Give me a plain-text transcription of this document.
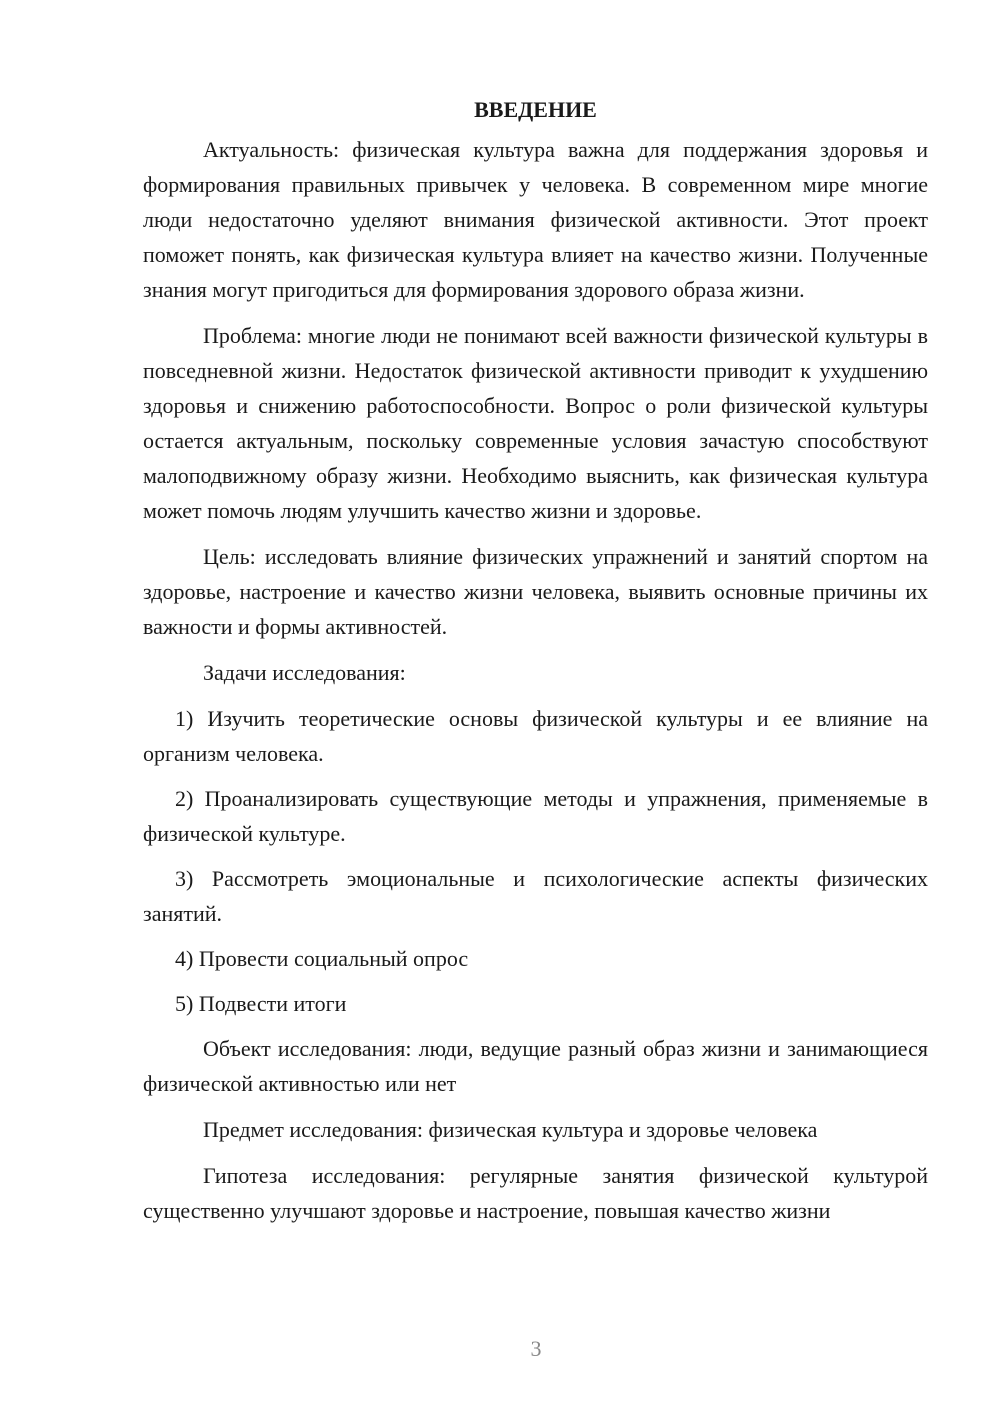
ВВЕДЕНИЕ

Актуальность: физическая культура важна для поддержания здоровья и формирования правильных привычек у человека. В современном мире многие люди недостаточно уделяют внимания физической активности. Этот проект поможет понять, как физическая культура влияет на качество жизни. Полученные знания могут пригодиться для формирования здорового образа жизни.

Проблема: многие люди не понимают всей важности физической культуры в повседневной жизни. Недостаток физической активности приводит к ухудшению здоровья и снижению работоспособности. Вопрос о роли физической культуры остается актуальным, поскольку современные условия зачастую способствуют малоподвижному образу жизни. Необходимо выяснить, как физическая культура может помочь людям улучшить качество жизни и здоровье.

Цель: исследовать влияние физических упражнений и занятий спортом на здоровье, настроение и качество жизни человека, выявить основные причины их важности и формы активностей.

Задачи исследования:

1) Изучить теоретические основы физической культуры и ее влияние на организм человека.

2) Проанализировать существующие методы и упражнения, применяемые в физической культуре.

3) Рассмотреть эмоциональные и психологические аспекты физических занятий.

4) Провести социальный опрос

5) Подвести итоги

Объект исследования: люди, ведущие разный образ жизни и занимающиеся физической активностью или нет

Предмет исследования: физическая культура и здоровье человека

Гипотеза исследования: регулярные занятия физической культурой существенно улучшают здоровье и настроение, повышая качество жизни

3
